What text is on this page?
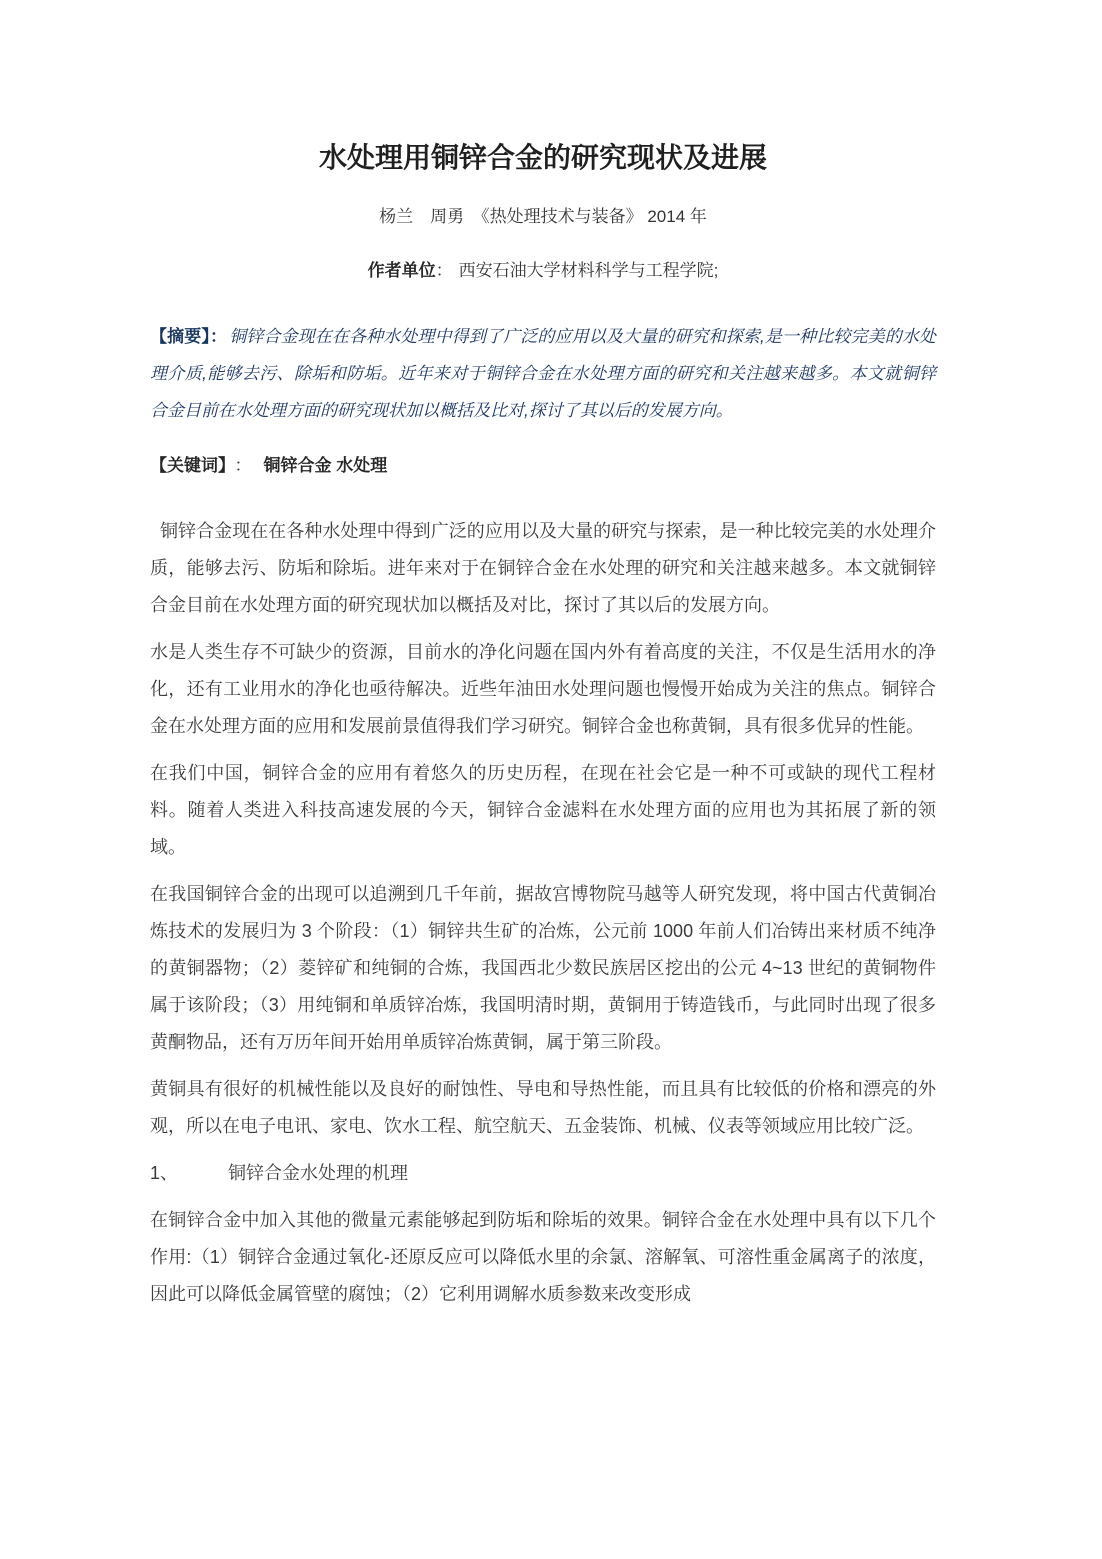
水处理用铜锌合金的研究现状及进展
杨兰　周勇　《热处理技术与装备》 2014 年
作者单位： 西安石油大学材料科学与工程学院;

【摘要】： 铜锌合金现在在各种水处理中得到了广泛的应用以及大量的研究和探索,是一种比较完美的水处理介质,能够去污、除垢和防垢。近年来对于铜锌合金在水处理方面的研究和关注越来越多。本文就铜锌合金目前在水处理方面的研究现状加以概括及比对,探讨了其以后的发展方向。

【关键词】 ： 铜锌合金 水处理

铜锌合金现在在各种水处理中得到广泛的应用以及大量的研究与探索，是一种比较完美的水处理介质，能够去污、防垢和除垢。进年来对于在铜锌合金在水处理的研究和关注越来越多。本文就铜锌合金目前在水处理方面的研究现状加以概括及对比，探讨了其以后的发展方向。

水是人类生存不可缺少的资源，目前水的净化问题在国内外有着高度的关注，不仅是生活用水的净化，还有工业用水的净化也亟待解决。近些年油田水处理问题也慢慢开始成为关注的焦点。铜锌合金在水处理方面的应用和发展前景值得我们学习研究。铜锌合金也称黄铜，具有很多优异的性能。

在我们中国，铜锌合金的应用有着悠久的历史历程，在现在社会它是一种不可或缺的现代工程材料。随着人类进入科技高速发展的今天，铜锌合金滤料在水处理方面的应用也为其拓展了新的领域。

在我国铜锌合金的出现可以追溯到几千年前，据故宫博物院马越等人研究发现，将中国古代黄铜冶炼技术的发展归为 3 个阶段：（1）铜锌共生矿的冶炼，公元前 1000 年前人们冶铸出来材质不纯净的黄铜器物；（2）菱锌矿和纯铜的合炼，我国西北少数民族居区挖出的公元 4~13 世纪的黄铜物件属于该阶段；（3）用纯铜和单质锌冶炼，我国明清时期，黄铜用于铸造钱币，与此同时出现了很多黄酮物品，还有万历年间开始用单质锌冶炼黄铜，属于第三阶段。

黄铜具有很好的机械性能以及良好的耐蚀性、导电和导热性能，而且具有比较低的价格和漂亮的外观，所以在电子电讯、家电、饮水工程、航空航天、五金装饰、机械、仪表等领域应用比较广泛。

1、	铜锌合金水处理的机理

在铜锌合金中加入其他的微量元素能够起到防垢和除垢的效果。铜锌合金在水处理中具有以下几个作用:（1）铜锌合金通过氧化-还原反应可以降低水里的余氯、溶解氧、可溶性重金属离子的浓度，因此可以降低金属管壁的腐蚀；（2）它利用调解水质参数来改变形成
